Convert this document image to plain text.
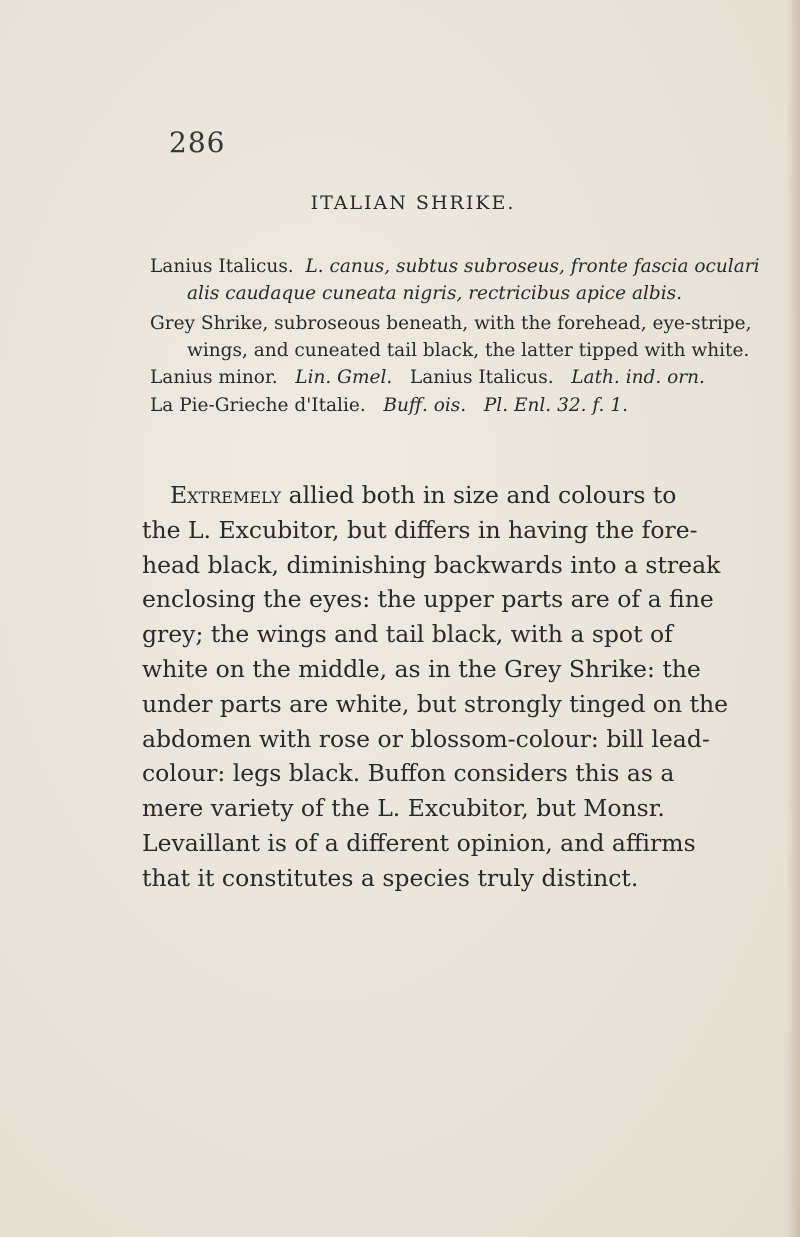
286
ITALIAN SHRIKE.
Lanius Italicus. L. canus, subtus subroseus, fronte fascia oculari
alis caudaque cuneata nigris, rectricibus apice albis.
Grey Shrike, subroseous beneath, with the forehead, eye-stripe,
wings, and cuneated tail black, the latter tipped with white.
Lanius minor. Lin. Gmel. Lanius Italicus. Lath. ind. orn.
La Pie-Grieche d'Italie. Buff. ois. Pl. Enl. 32. f. 1.
Extremely allied both in size and colours to
the L. Excubitor, but differs in having the fore-
head black, diminishing backwards into a streak
enclosing the eyes: the upper parts are of a fine
grey; the wings and tail black, with a spot of
white on the middle, as in the Grey Shrike: the
under parts are white, but strongly tinged on the
abdomen with rose or blossom-colour: bill lead-
colour: legs black. Buffon considers this as a
mere variety of the L. Excubitor, but Monsr.
Levaillant is of a different opinion, and affirms
that it constitutes a species truly distinct.
